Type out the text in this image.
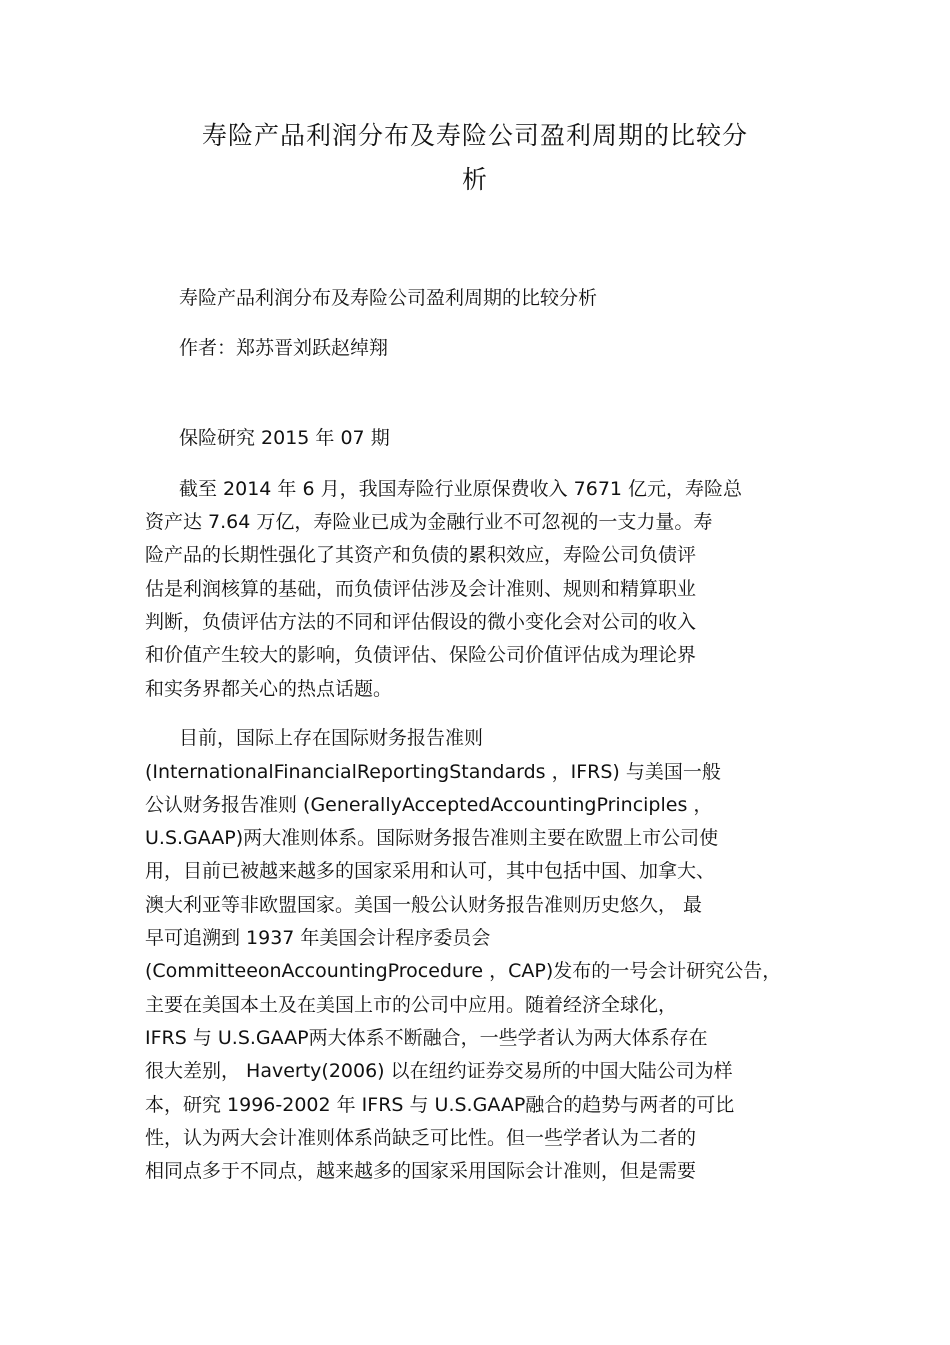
寿险产品利润分布及寿险公司盈利周期的比较分
析
寿险产品利润分布及寿险公司盈利周期的比较分析
作者：郑苏晋刘跃赵绰翔
保险研究 2015 年 07 期
截至 2014 年 6 月，我国寿险行业原保费收入 7671 亿元，寿险总
资产达 7.64 万亿，寿险业已成为金融行业不可忽视的一支力量。寿
险产品的长期性强化了其资产和负债的累积效应，寿险公司负债评
估是利润核算的基础，而负债评估涉及会计准则、规则和精算职业
判断，负债评估方法的不同和评估假设的微小变化会对公司的收入
和价值产生较大的影响，负债评估、保险公司价值评估成为理论界
和实务界都关心的热点话题。
目前，国际上存在国际财务报告准则
(InternationalFinancialReportingStandards ，IFRS) 与美国一般
公认财务报告准则 (GenerallyAcceptedAccountingPrinciples ，
U.S.GAAP)两大准则体系。国际财务报告准则主要在欧盟上市公司使
用，目前已被越来越多的国家采用和认可，其中包括中国、加拿大、
澳大利亚等非欧盟国家。美国一般公认财务报告准则历史悠久， 最
早可追溯到 1937 年美国会计程序委员会
(CommitteeonAccountingProcedure ，CAP)发布的一号会计研究公告，
主要在美国本土及在美国上市的公司中应用。随着经济全球化，
IFRS 与 U.S.GAAP两大体系不断融合，一些学者认为两大体系存在
很大差别， Haverty(2006) 以在纽约证券交易所的中国大陆公司为样
本，研究 1996-2002 年 IFRS 与 U.S.GAAP融合的趋势与两者的可比
性，认为两大会计准则体系尚缺乏可比性。但一些学者认为二者的
相同点多于不同点，越来越多的国家采用国际会计准则，但是需要
